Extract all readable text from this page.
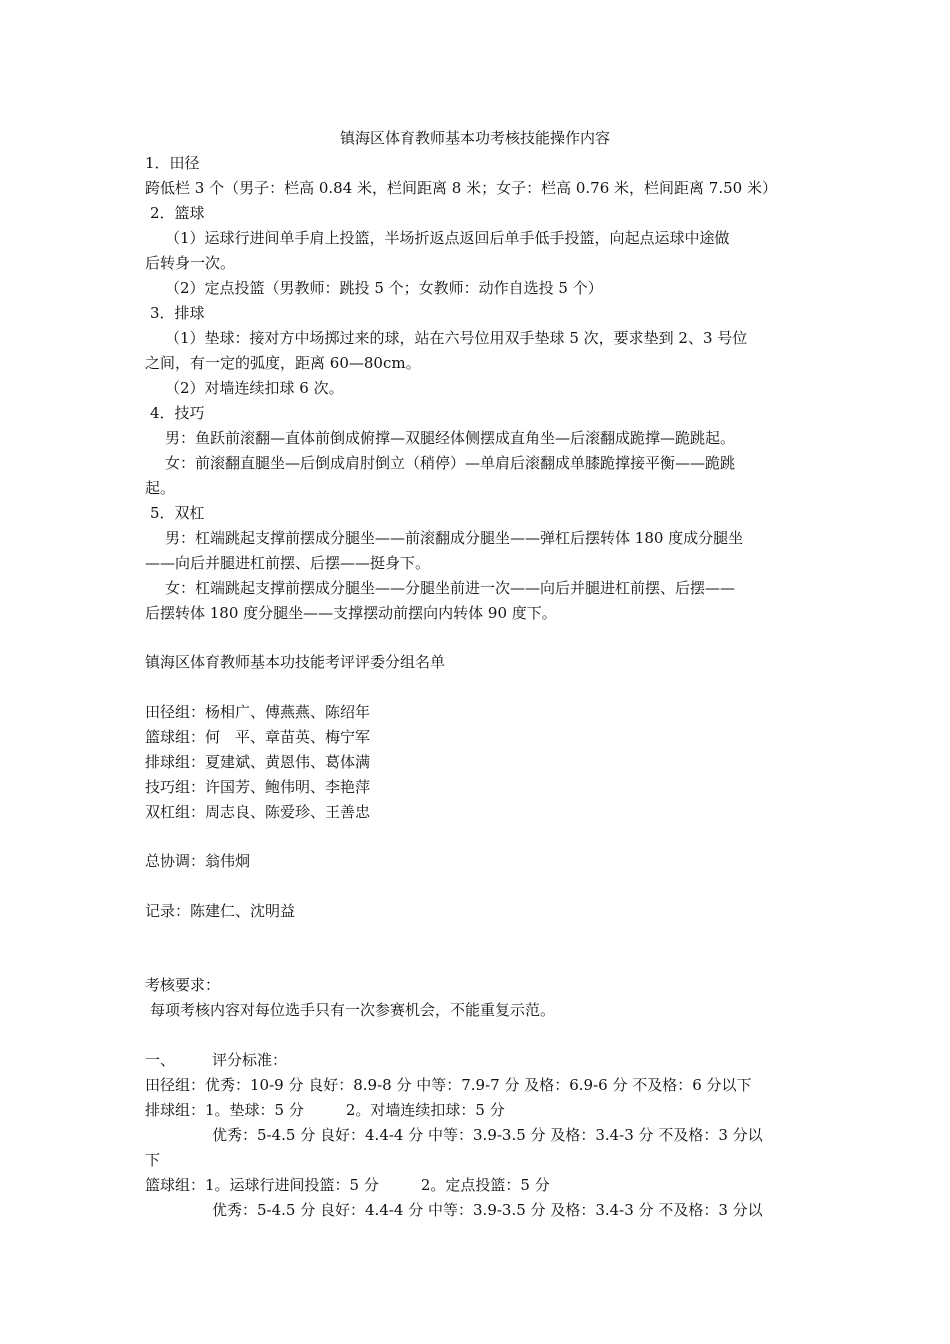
镇海区体育教师基本功考核技能操作内容
1．田径
跨低栏 3 个（男子：栏高 0.84 米，栏间距离 8 米；女子：栏高 0.76 米，栏间距离 7.50 米）
2．篮球
（1）运球行进间单手肩上投篮，半场折返点返回后单手低手投篮，向起点运球中途做
后转身一次。
（2）定点投篮（男教师：跳投 5 个；女教师：动作自选投 5 个）
3．排球
（1）垫球：接对方中场掷过来的球，站在六号位用双手垫球 5 次，要求垫到 2、3 号位
之间，有一定的弧度，距离 60—80cm。
（2）对墙连续扣球 6 次。
4．技巧
男：鱼跃前滚翻—直体前倒成俯撑—双腿经体侧摆成直角坐—后滚翻成跪撑—跪跳起。
女：前滚翻直腿坐—后倒成肩肘倒立（稍停）—单肩后滚翻成单膝跪撑接平衡——跪跳
起。
5．双杠
男：杠端跳起支撑前摆成分腿坐——前滚翻成分腿坐——弹杠后摆转体 180 度成分腿坐
——向后并腿进杠前摆、后摆——挺身下。
女：杠端跳起支撑前摆成分腿坐——分腿坐前进一次——向后并腿进杠前摆、后摆——
后摆转体 180 度分腿坐——支撑摆动前摆向内转体 90 度下。
镇海区体育教师基本功技能考评评委分组名单
田径组：杨相广、傅燕燕、陈绍年
篮球组：何　平、章苗英、梅宁军
排球组：夏建斌、黄恩伟、葛体满
技巧组：许国芳、鲍伟明、李艳萍
双杠组：周志良、陈爱珍、王善忠
总协调：翁伟炯
记录：陈建仁、沈明益
考核要求：
每项考核内容对每位选手只有一次参赛机会，不能重复示范。
一、 评分标准：
田径组：优秀：10-9 分 良好：8.9-8 分 中等：7.9-7 分 及格：6.9-6 分 不及格：6 分以下
排球组：1。垫球：5 分	2。对墙连续扣球：5 分
优秀：5-4.5 分 良好：4.4-4 分 中等：3.9-3.5 分 及格：3.4-3 分 不及格：3 分以
下
篮球组：1。运球行进间投篮：5 分	2。定点投篮：5 分
优秀：5-4.5 分 良好：4.4-4 分 中等：3.9-3.5 分 及格：3.4-3 分 不及格：3 分以
